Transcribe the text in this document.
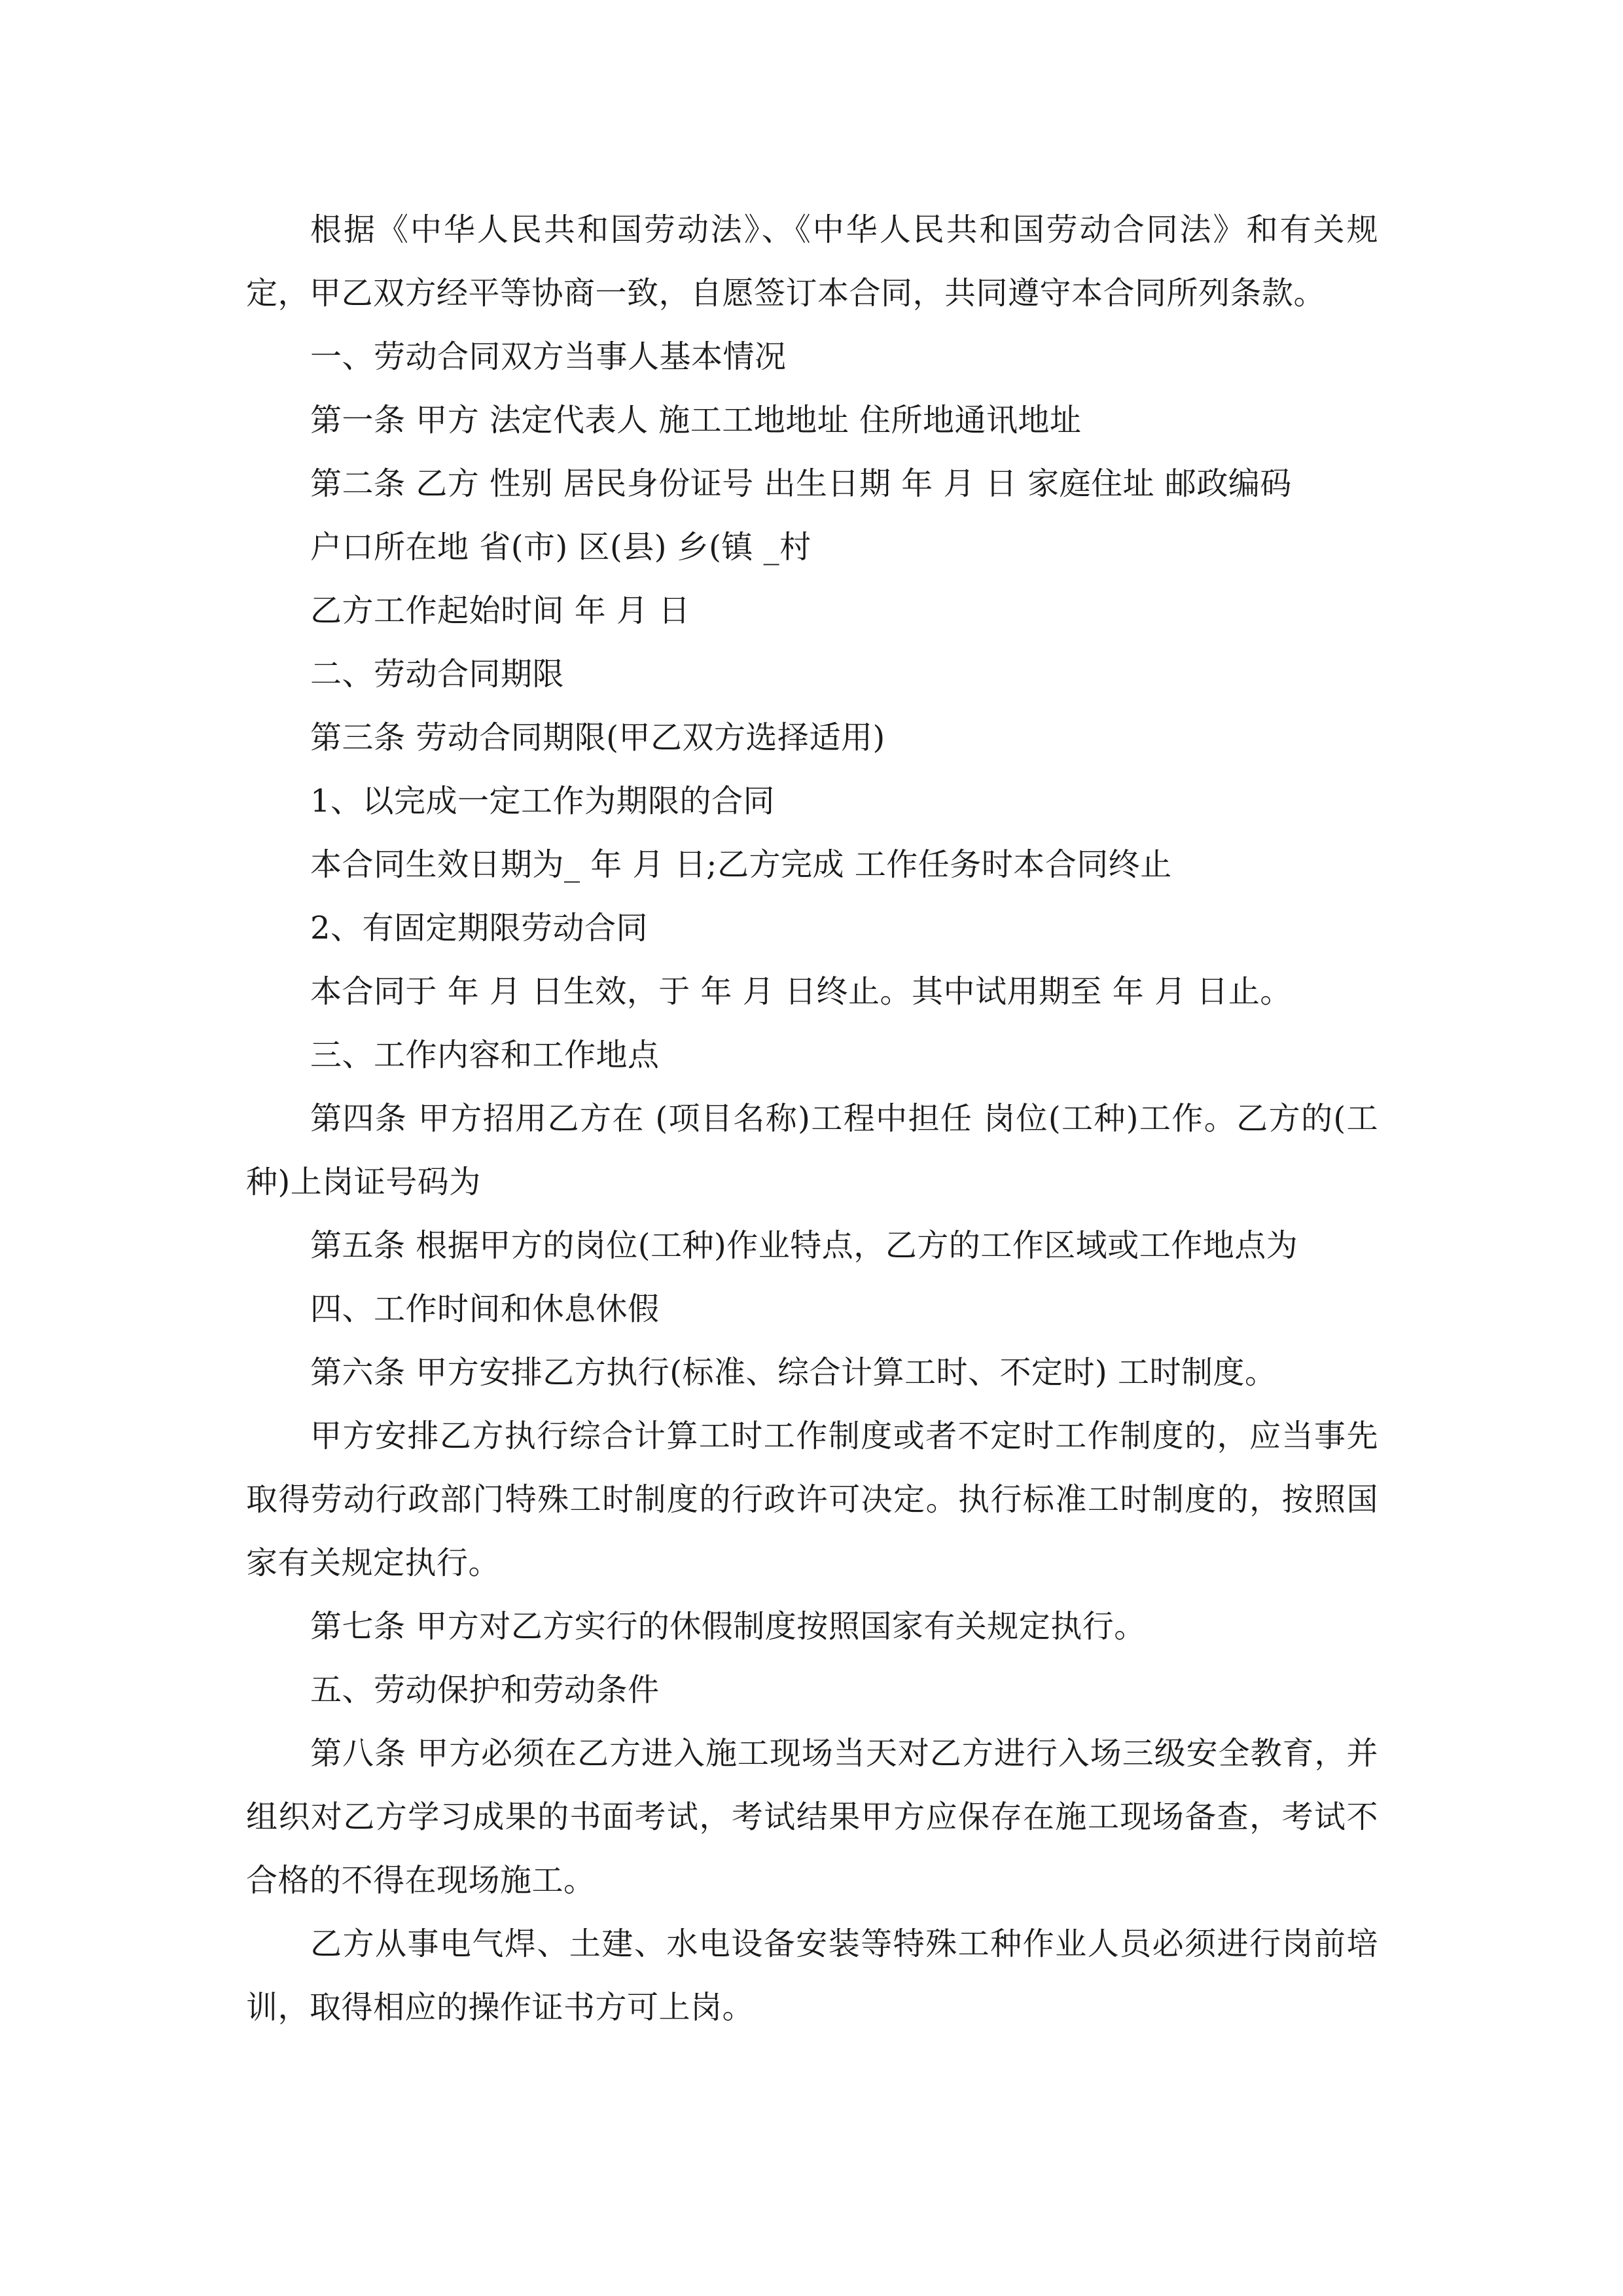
根据《中华人民共和国劳动法》、《中华人民共和国劳动合同法》和有关规定，甲乙双方经平等协商一致，自愿签订本合同，共同遵守本合同所列条款。

一、劳动合同双方当事人基本情况

第一条 甲方 法定代表人 施工工地地址 住所地通讯地址

第二条 乙方 性别 居民身份证号 出生日期 年 月 日 家庭住址 邮政编码

户口所在地 省(市) 区(县) 乡(镇 _村

乙方工作起始时间 年 月 日

二、劳动合同期限

第三条 劳动合同期限(甲乙双方选择适用)

1、以完成一定工作为期限的合同

本合同生效日期为_ 年 月 日;乙方完成 工作任务时本合同终止

2、有固定期限劳动合同

本合同于 年 月 日生效，于 年 月 日终止。其中试用期至 年 月 日止。

三、工作内容和工作地点

第四条 甲方招用乙方在 (项目名称)工程中担任 岗位(工种)工作。乙方的(工种)上岗证号码为

第五条 根据甲方的岗位(工种)作业特点，乙方的工作区域或工作地点为

四、工作时间和休息休假

第六条 甲方安排乙方执行(标准、综合计算工时、不定时) 工时制度。

甲方安排乙方执行综合计算工时工作制度或者不定时工作制度的，应当事先取得劳动行政部门特殊工时制度的行政许可决定。执行标准工时制度的，按照国家有关规定执行。

第七条 甲方对乙方实行的休假制度按照国家有关规定执行。

五、劳动保护和劳动条件

第八条 甲方必须在乙方进入施工现场当天对乙方进行入场三级安全教育，并组织对乙方学习成果的书面考试，考试结果甲方应保存在施工现场备查，考试不合格的不得在现场施工。

乙方从事电气焊、土建、水电设备安装等特殊工种作业人员必须进行岗前培训，取得相应的操作证书方可上岗。
